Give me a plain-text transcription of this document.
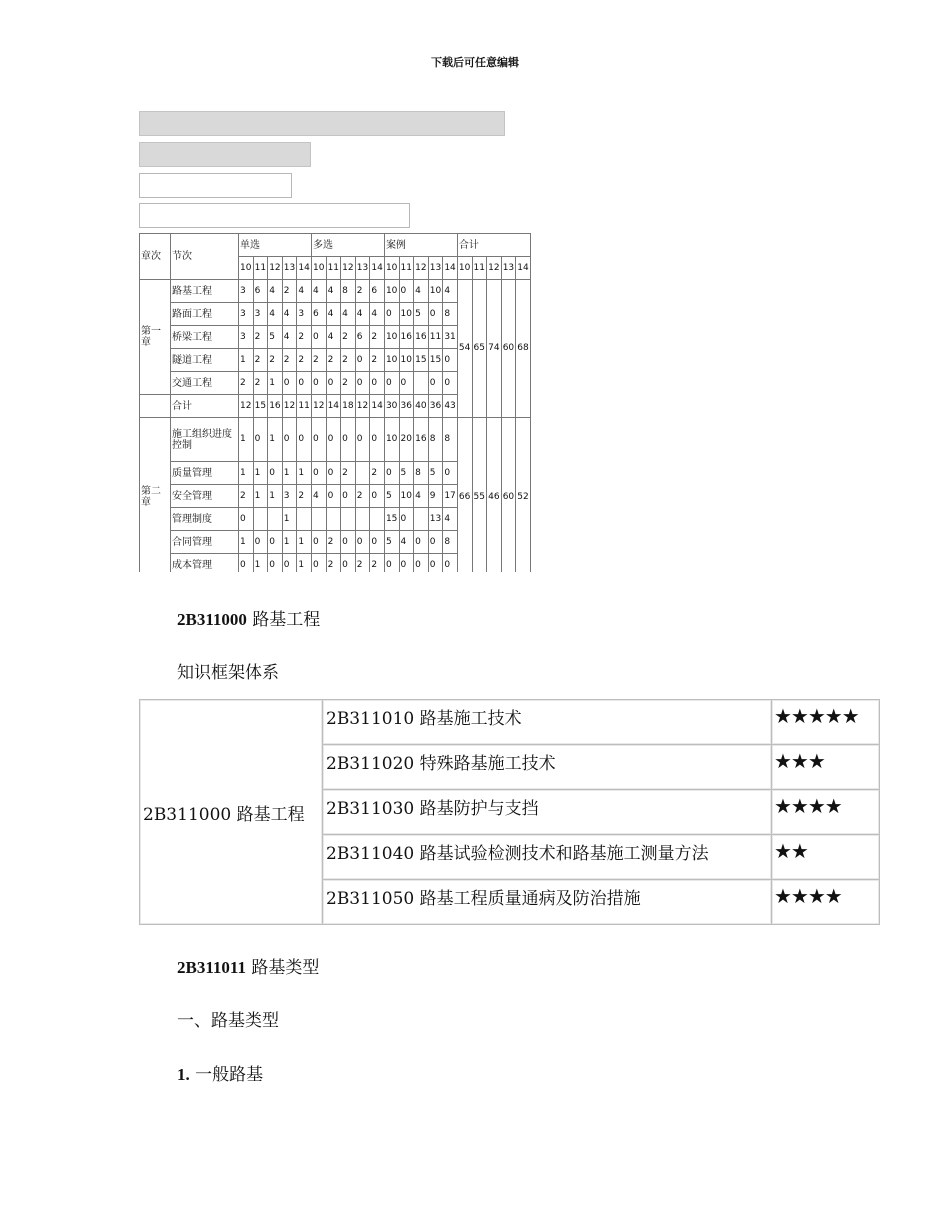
下载后可任意编辑
章次	节次	单选					多选					案例					合计				
		10	11	12	13	14	10	11	12	13	14	10	11	12	13	14	10	11	12	13	14
第一章	路基工程	3	6	4	2	4	4	4	8	2	6	10	0	4	10	4	54	65	74	60	68
	路面工程	3	3	4	4	3	6	4	4	4	4	0	10	5	0	8					
	桥梁工程	3	2	5	4	2	0	4	2	6	2	10	16	16	11	31					
	隧道工程	1	2	2	2	2	2	2	2	0	2	10	10	15	15	0					
	交通工程	2	2	1	0	0	0	0	2	0	0	0	0		0	0					
	合计	12	15	16	12	11	12	14	18	12	14	30	36	40	36	43					
第二章	施工组织进度控制	1	0	1	0	0	0	0	0	0	0	10	20	16	8	8	66	55	46	60	52
	质量管理	1	1	0	1	1	0	0	2		2	0	5	8	5	0					
	安全管理	2	1	1	3	2	4	0	0	2	0	5	10	4	9	17					
	管理制度	0			1							15	0		13	4					
	合同管理	1	0	0	1	1	0	2	0	0	0	5	4	0	0	8					
	成本管理	0	1	0	0	1	0	2	0	2	2	0	0	0	0	0					
2B311000 路基工程
知识框架体系
2B311000 路基工程	2B311010 路基施工技术	★★★★★
	2B311020 特殊路基施工技术	★★★
	2B311030 路基防护与支挡	★★★★
	2B311040 路基试验检测技术和路基施工测量方法	★★
	2B311050 路基工程质量通病及防治措施	★★★★
2B311011 路基类型
一、路基类型
1. 一般路基
